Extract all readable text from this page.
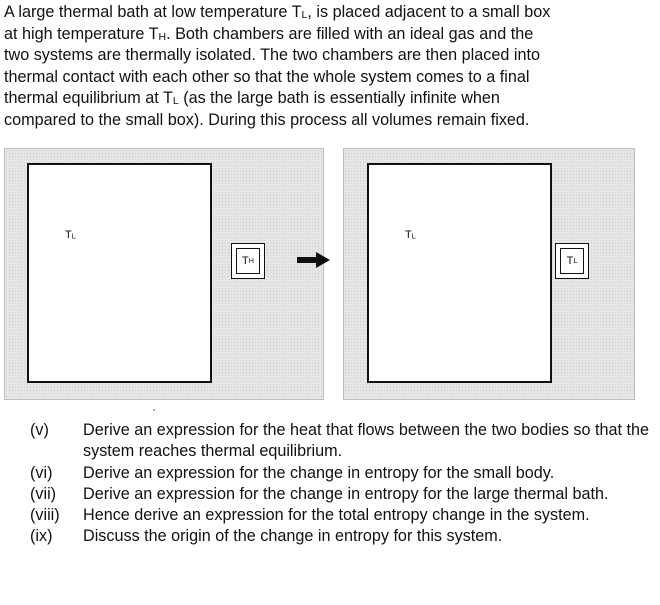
A large thermal bath at low temperature $T_L$, is placed adjacent to a small box
at high temperature $T_H$. Both chambers are filled with an ideal gas and the
two systems are thermally isolated. The two chambers are then placed into
thermal contact with each other so that the whole system comes to a final
thermal equilibrium at $T_L$ (as the large bath is essentially infinite when
compared to the small box). During this process all volumes remain fixed.
$T_L$
T H
$T_L$
T L
(v)	Derive an expression for the heat that flows between the two bodies so that the system reaches thermal equilibrium.
(vi)	Derive an expression for the change in entropy for the small body.
(vii)	Derive an expression for the change in entropy for the large thermal bath.
(viii)	Hence derive an expression for the total entropy change in the system.
(ix)	Discuss the origin of the change in entropy for this system.
